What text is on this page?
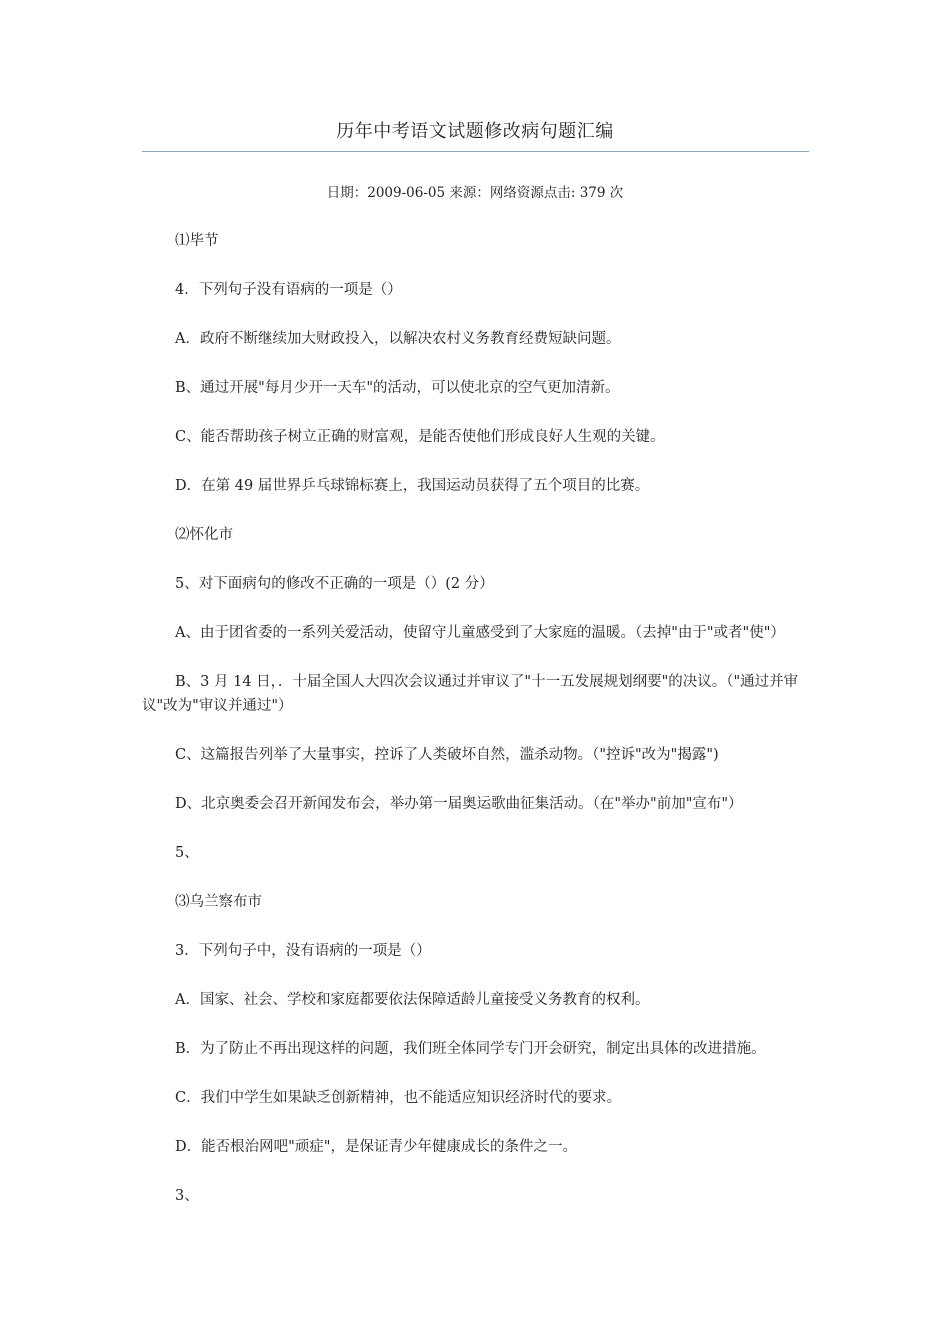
历年中考语文试题修改病句题汇编
日期：2009-06-05 来源：网络资源点击: 379 次

⑴毕节

4．下列句子没有语病的一项是（）

A．政府不断继续加大财政投入，以解决农村义务教育经费短缺问题。

B、通过开展"每月少开一天车"的活动，可以使北京的空气更加清新。

C、能否帮助孩子树立正确的财富观，是能否使他们形成良好人生观的关键。

D．在第 49 届世界乒乓球锦标赛上，我国运动员获得了五个项目的比赛。

⑵怀化市

5、对下面病句的修改不正确的一项是（）(2 分）

A、由于团省委的一系列关爱活动，使留守儿童感受到了大家庭的温暖。（去掉"由于"或者"使"）

B、3 月 14 日，．十届全国人大四次会议通过并审议了"十一五发展规划纲要"的决议。（"通过并审议"改为"审议并通过"）

C、这篇报告列举了大量事实，控诉了人类破坏自然，滥杀动物。（"控诉"改为"揭露")

D、北京奥委会召开新闻发布会，举办第一届奥运歌曲征集活动。（在"举办"前加"宣布"）

5、

⑶乌兰察布市

3．下列句子中，没有语病的一项是（）

A．国家、社会、学校和家庭都要依法保障适龄儿童接受义务教育的权利。

B．为了防止不再出现这样的问题，我们班全体同学专门开会研究，制定出具体的改进措施。

C．我们中学生如果缺乏创新精神，也不能适应知识经济时代的要求。

D．能否根治网吧"顽症"，是保证青少年健康成长的条件之一。

3、
